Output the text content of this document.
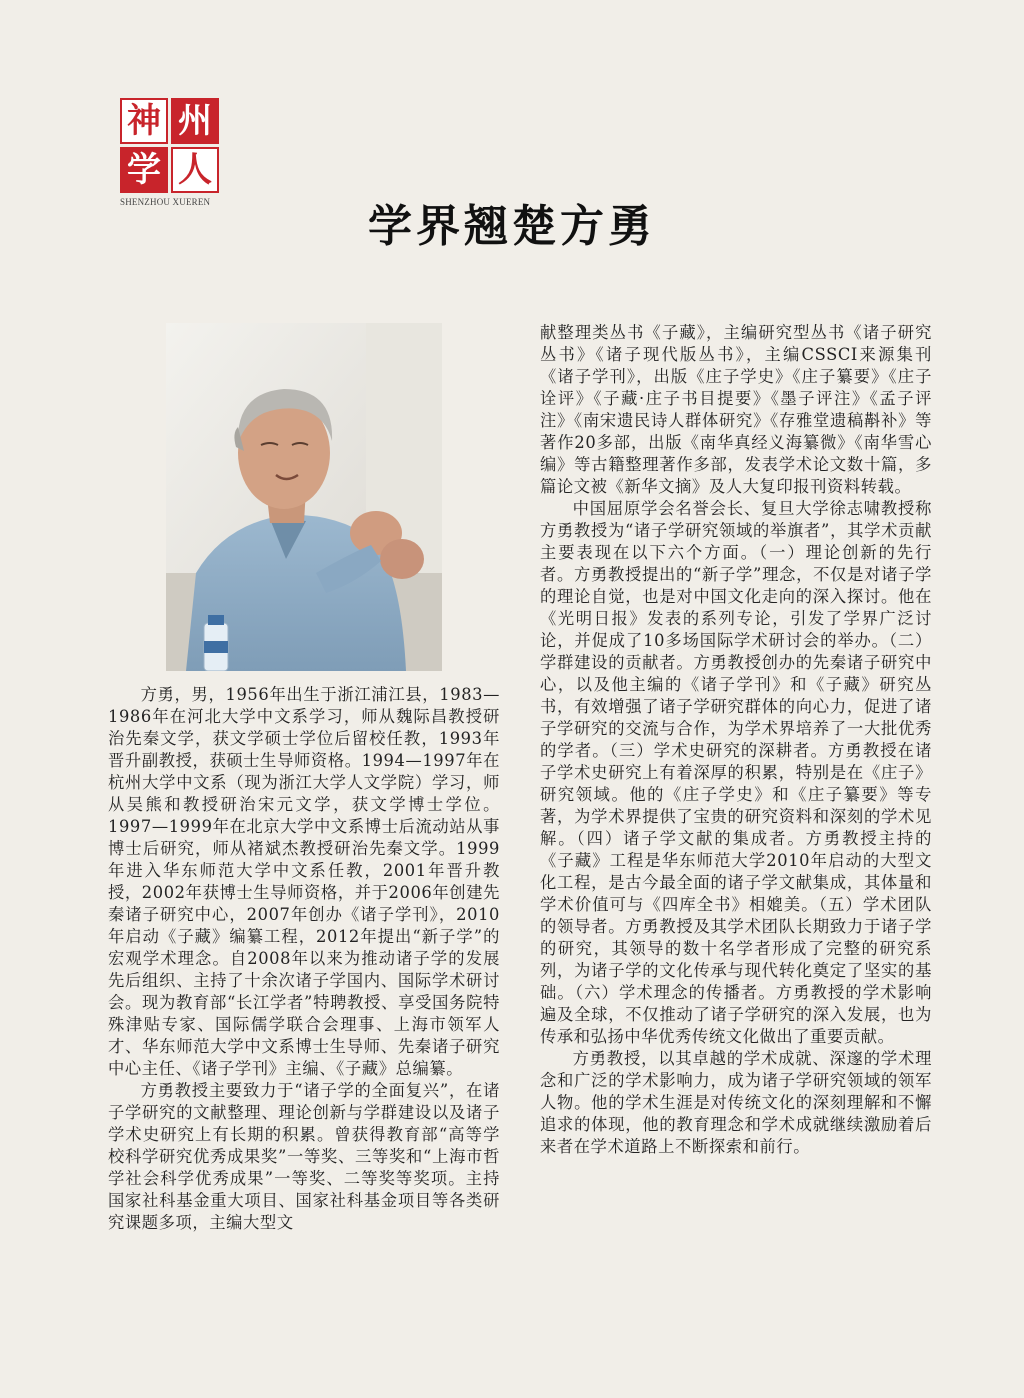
神 州
学 人
SHENZHOU XUEREN	学界翘楚方勇

方勇，男，1956年出生于浙江浦江县，1983—1986年在河北大学中文系学习，师从魏际昌教授研治先秦文学，获文学硕士学位后留校任教，1993年晋升副教授，获硕士生导师资格。1994—1997年在杭州大学中文系（现为浙江大学人文学院）学习，师从吴熊和教授研治宋元文学，获文学博士学位。1997—1999年在北京大学中文系博士后流动站从事博士后研究，师从褚斌杰教授研治先秦文学。1999年进入华东师范大学中文系任教，2001年晋升教授，2002年获博士生导师资格，并于2006年创建先秦诸子研究中心，2007年创办《诸子学刊》，2010年启动《子藏》编纂工程，2012年提出“新子学”的宏观学术理念。自2008年以来为推动诸子学的发展先后组织、主持了十余次诸子学国内、国际学术研讨会。现为教育部“长江学者”特聘教授、享受国务院特殊津贴专家、国际儒学联合会理事、上海市领军人才、华东师范大学中文系博士生导师、先秦诸子研究中心主任、《诸子学刊》主编、《子藏》总编纂。

方勇教授主要致力于“诸子学的全面复兴”，在诸子学研究的文献整理、理论创新与学群建设以及诸子学术史研究上有长期的积累。曾获得教育部“高等学校科学研究优秀成果奖”一等奖、三等奖和“上海市哲学社会科学优秀成果”一等奖、二等奖等奖项。主持国家社科基金重大项目、国家社科基金项目等各类研究课题多项，主编大型文

献整理类丛书《子藏》，主编研究型丛书《诸子研究丛书》《诸子现代版丛书》，主编CSSCI来源集刊《诸子学刊》，出版《庄子学史》《庄子纂要》《庄子诠评》《子藏·庄子书目提要》《墨子评注》《孟子评注》《南宋遗民诗人群体研究》《存雅堂遗稿斠补》等著作20多部，出版《南华真经义海纂微》《南华雪心编》等古籍整理著作多部，发表学术论文数十篇，多篇论文被《新华文摘》及人大复印报刊资料转载。

中国屈原学会名誉会长、复旦大学徐志啸教授称方勇教授为“诸子学研究领域的举旗者”，其学术贡献主要表现在以下六个方面。（一）理论创新的先行者。方勇教授提出的“新子学”理念，不仅是对诸子学的理论自觉，也是对中国文化走向的深入探讨。他在《光明日报》发表的系列专论，引发了学界广泛讨论，并促成了10多场国际学术研讨会的举办。（二）学群建设的贡献者。方勇教授创办的先秦诸子研究中心，以及他主编的《诸子学刊》和《子藏》研究丛书，有效增强了诸子学研究群体的向心力，促进了诸子学研究的交流与合作，为学术界培养了一大批优秀的学者。（三）学术史研究的深耕者。方勇教授在诸子学术史研究上有着深厚的积累，特别是在《庄子》研究领域。他的《庄子学史》和《庄子纂要》等专著，为学术界提供了宝贵的研究资料和深刻的学术见解。（四）诸子学文献的集成者。方勇教授主持的《子藏》工程是华东师范大学2010年启动的大型文化工程，是古今最全面的诸子学文献集成，其体量和学术价值可与《四库全书》相媲美。（五）学术团队的领导者。方勇教授及其学术团队长期致力于诸子学的研究，其领导的数十名学者形成了完整的研究系列，为诸子学的文化传承与现代转化奠定了坚实的基础。（六）学术理念的传播者。方勇教授的学术影响遍及全球，不仅推动了诸子学研究的深入发展，也为传承和弘扬中华优秀传统文化做出了重要贡献。

方勇教授，以其卓越的学术成就、深邃的学术理念和广泛的学术影响力，成为诸子学研究领域的领军人物。他的学术生涯是对传统文化的深刻理解和不懈追求的体现，他的教育理念和学术成就继续激励着后来者在学术道路上不断探索和前行。
